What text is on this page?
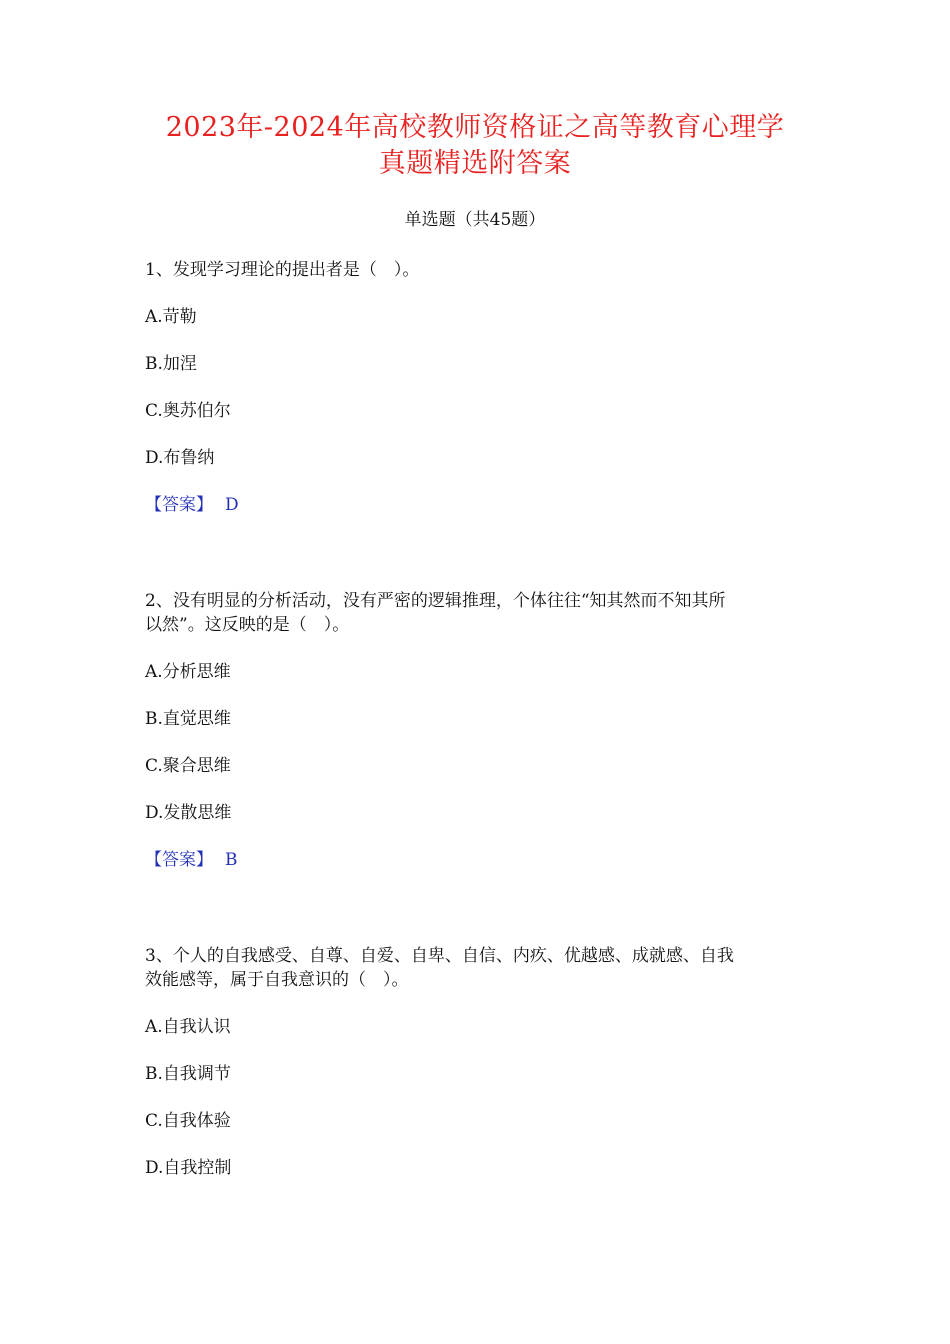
2023年-2024年高校教师资格证之高等教育心理学
真题精选附答案
单选题（共45题）
1、发现学习理论的提出者是（　）。
A.苛勒
B.加涅
C.奥苏伯尔
D.布鲁纳
【答案】 D
2、没有明显的分析活动，没有严密的逻辑推理，个体往往“知其然而不知其所
以然”。这反映的是（　）。
A.分析思维
B.直觉思维
C.聚合思维
D.发散思维
【答案】 B
3、个人的自我感受、自尊、自爱、自卑、自信、内疚、优越感、成就感、自我
效能感等，属于自我意识的（　）。
A.自我认识
B.自我调节
C.自我体验
D.自我控制
